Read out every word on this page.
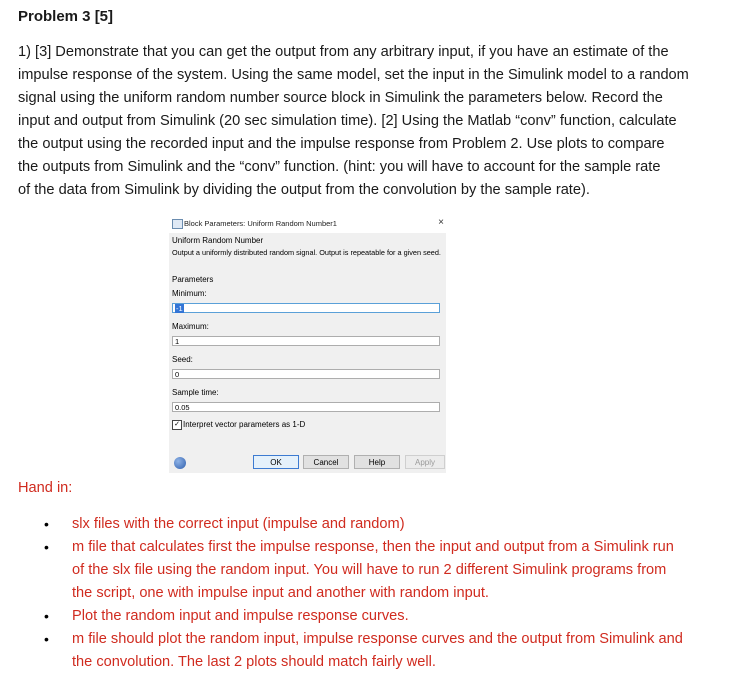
Problem 3 [5]
1) [3] Demonstrate that you can get the output from any arbitrary input, if you have an estimate of the
impulse response of the system. Using the same model, set the input in the Simulink model to a random
signal using the uniform random number source block in Simulink the parameters below. Record the
input and output from Simulink (20 sec simulation time). [2] Using the Matlab “conv” function, calculate
the output using the recorded input and the impulse response from Problem 2. Use plots to compare
the outputs from Simulink and the “conv” function. (hint: you will have to account for the sample rate
of the data from Simulink by dividing the output from the convolution by the sample rate).
Block Parameters: Uniform Random Number1	×
Uniform Random Number
Output a uniformly distributed random signal. Output is repeatable for a given seed.
Parameters
Minimum:
-1
Maximum:
1
Seed:
0
Sample time:
0.05
✓ Interpret vector parameters as 1-D
OK	Cancel	Help	Apply
Hand in:
• slx files with the correct input (impulse and random)
• m file that calculates first the impulse response, then the input and output from a Simulink run
of the slx file using the random input. You will have to run 2 different Simulink programs from
the script, one with impulse input and another with random input.
• Plot the random input and impulse response curves.
• m file should plot the random input, impulse response curves and the output from Simulink and
the convolution. The last 2 plots should match fairly well.
